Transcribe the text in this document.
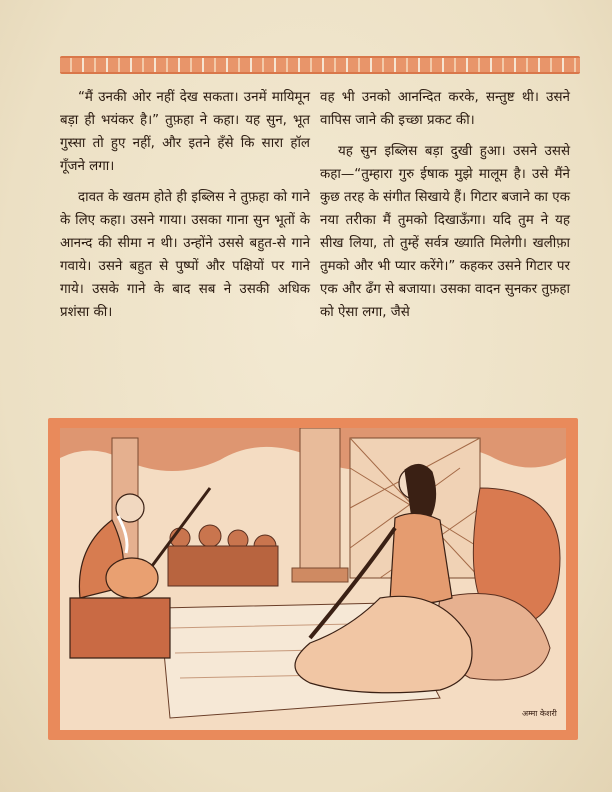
“मैं उनकी ओर नहीं देख सकता। उनमें मायिमून बड़ा ही भयंकर है।” तुफ़हा ने कहा। यह सुन, भूत गुस्सा तो हुए नहीं, और इतने हँसे कि सारा हॉल गूँजने लगा।

दावत के खतम होते ही इब्लिस ने तुफ़हा को गाने के लिए कहा। उसने गाया। उसका गाना सुन भूतों के आनन्द की सीमा न थी। उन्होंने उससे बहुत-से गाने गवाये। उसने बहुत से पुष्पों और पक्षियों पर गाने गाये। उसके गाने के बाद सब ने उसकी अधिक प्रशंसा की।

वह भी उनको आनन्दित करके, सन्तुष्ट थी। उसने वापिस जाने की इच्छा प्रकट की।

यह सुन इब्लिस बड़ा दुखी हुआ। उसने उससे कहा—“तुम्हारा गुरु ईषाक मुझे मालूम है। उसे मैंने कुछ तरह के संगीत सिखाये हैं। गिटार बजाने का एक नया तरीका मैं तुमको दिखाऊँगा। यदि तुम ने यह सीख लिया, तो तुम्हें सर्वत्र ख्याति मिलेगी। खलीफ़ा तुमको और भी प्यार करेंगे।” कहकर उसने गिटार पर एक और ढँग से बजाया। उसका वादन सुनकर तुफ़हा को ऐसा लगा, जैसे

अम्मा केशरी
